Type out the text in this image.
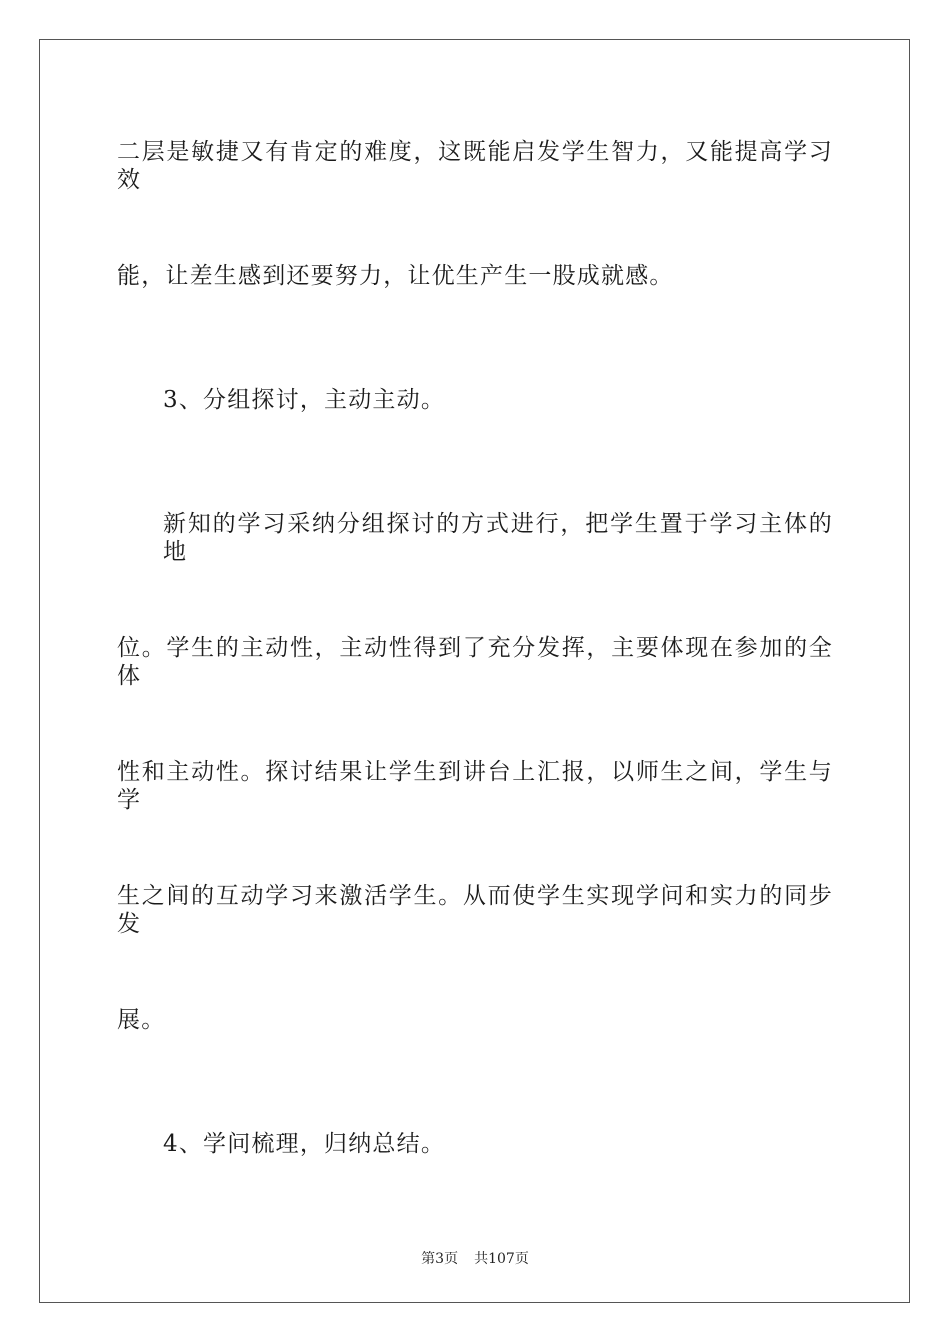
二层是敏捷又有肯定的难度，这既能启发学生智力，又能提高学习效
能，让差生感到还要努力，让优生产生一股成就感。
3、分组探讨，主动主动。
新知的学习采纳分组探讨的方式进行，把学生置于学习主体的地
位。学生的主动性，主动性得到了充分发挥，主要体现在参加的全体
性和主动性。探讨结果让学生到讲台上汇报，以师生之间，学生与学
生之间的互动学习来激活学生。从而使学生实现学问和实力的同步发
展。
4、学问梳理，归纳总结。
第3页 共107页
